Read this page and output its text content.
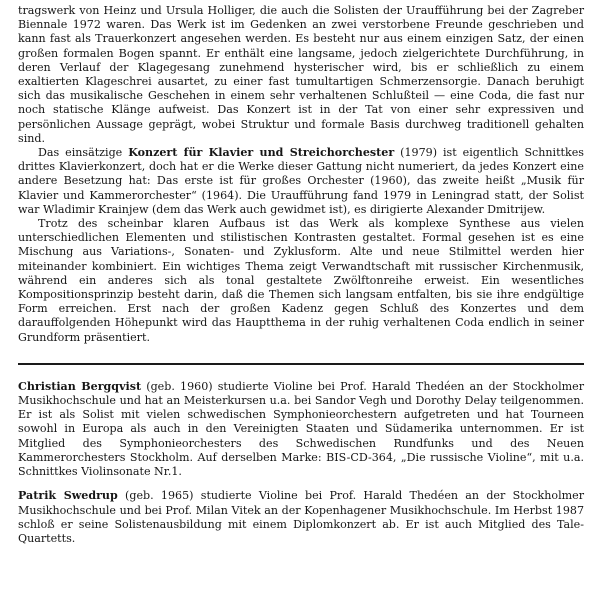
tragswerk von Heinz und Ursula Holliger, die auch die Solisten der Uraufführung bei der Zagreber Biennale 1972 waren. Das Werk ist im Gedenken an zwei verstorbene Freunde geschrieben und kann fast als Trauerkonzert angesehen werden. Es besteht nur aus einem einzigen Satz, der einen großen formalen Bogen spannt. Er enthält eine langsame, jedoch zielgerichtete Durchführung, in deren Verlauf der Klagegesang zunehmend hysterischer wird, bis er schließlich zu einem exaltierten Klageschrei ausartet, zu einer fast tumultartigen Schmerzensorgie. Danach beruhigt sich das musikalische Geschehen in einem sehr verhaltenen Schlußteil — eine Coda, die fast nur noch statische Klänge aufweist. Das Konzert ist in der Tat von einer sehr expressiven und persönlichen Aussage geprägt, wobei Struktur und formale Basis durchweg traditionell gehalten sind.

Das einsätzige Konzert für Klavier und Streichorchester (1979) ist eigentlich Schnittkes drittes Klavierkonzert, doch hat er die Werke dieser Gattung nicht numeriert, da jedes Konzert eine andere Besetzung hat: Das erste ist für großes Orchester (1960), das zweite heißt „Musik für Klavier und Kammerorchester“ (1964). Die Uraufführung fand 1979 in Leningrad statt, der Solist war Wladimir Krainjew (dem das Werk auch gewidmet ist), es dirigierte Alexander Dmitrijew.

Trotz des scheinbar klaren Aufbaus ist das Werk als komplexe Synthese aus vielen unterschiedlichen Elementen und stilistischen Kontrasten gestaltet. Formal gesehen ist es eine Mischung aus Variations-, Sonaten- und Zyklusform. Alte und neue Stilmittel werden hier miteinander kombiniert. Ein wichtiges Thema zeigt Verwandtschaft mit russischer Kirchenmusik, während ein anderes sich als tonal gestaltete Zwölftonreihe erweist. Ein wesentliches Kompositionsprinzip besteht darin, daß die Themen sich langsam entfalten, bis sie ihre endgültige Form erreichen. Erst nach der großen Kadenz gegen Schluß des Konzertes und dem darauffolgenden Höhepunkt wird das Hauptthema in der ruhig verhaltenen Coda endlich in seiner Grundform präsentiert.

Christian Bergqvist (geb. 1960) studierte Violine bei Prof. Harald Thedéen an der Stockholmer Musikhochschule und hat an Meisterkursen u.a. bei Sandor Vegh und Dorothy Delay teilgenommen. Er ist als Solist mit vielen schwedischen Symphonieorchestern aufgetreten und hat Tourneen sowohl in Europa als auch in den Vereinigten Staaten und Südamerika unternommen. Er ist Mitglied des Symphonieorchesters des Schwedischen Rundfunks und des Neuen Kammerorchesters Stockholm. Auf derselben Marke: BIS-CD-364, „Die russische Violine“, mit u.a. Schnittkes Violinsonate Nr.1.

Patrik Swedrup (geb. 1965) studierte Violine bei Prof. Harald Thedéen an der Stockholmer Musikhochschule und bei Prof. Milan Vitek an der Kopenhagener Musikhochschule. Im Herbst 1987 schloß er seine Solistenausbildung mit einem Diplomkonzert ab. Er ist auch Mitglied des Tale-Quartetts.
